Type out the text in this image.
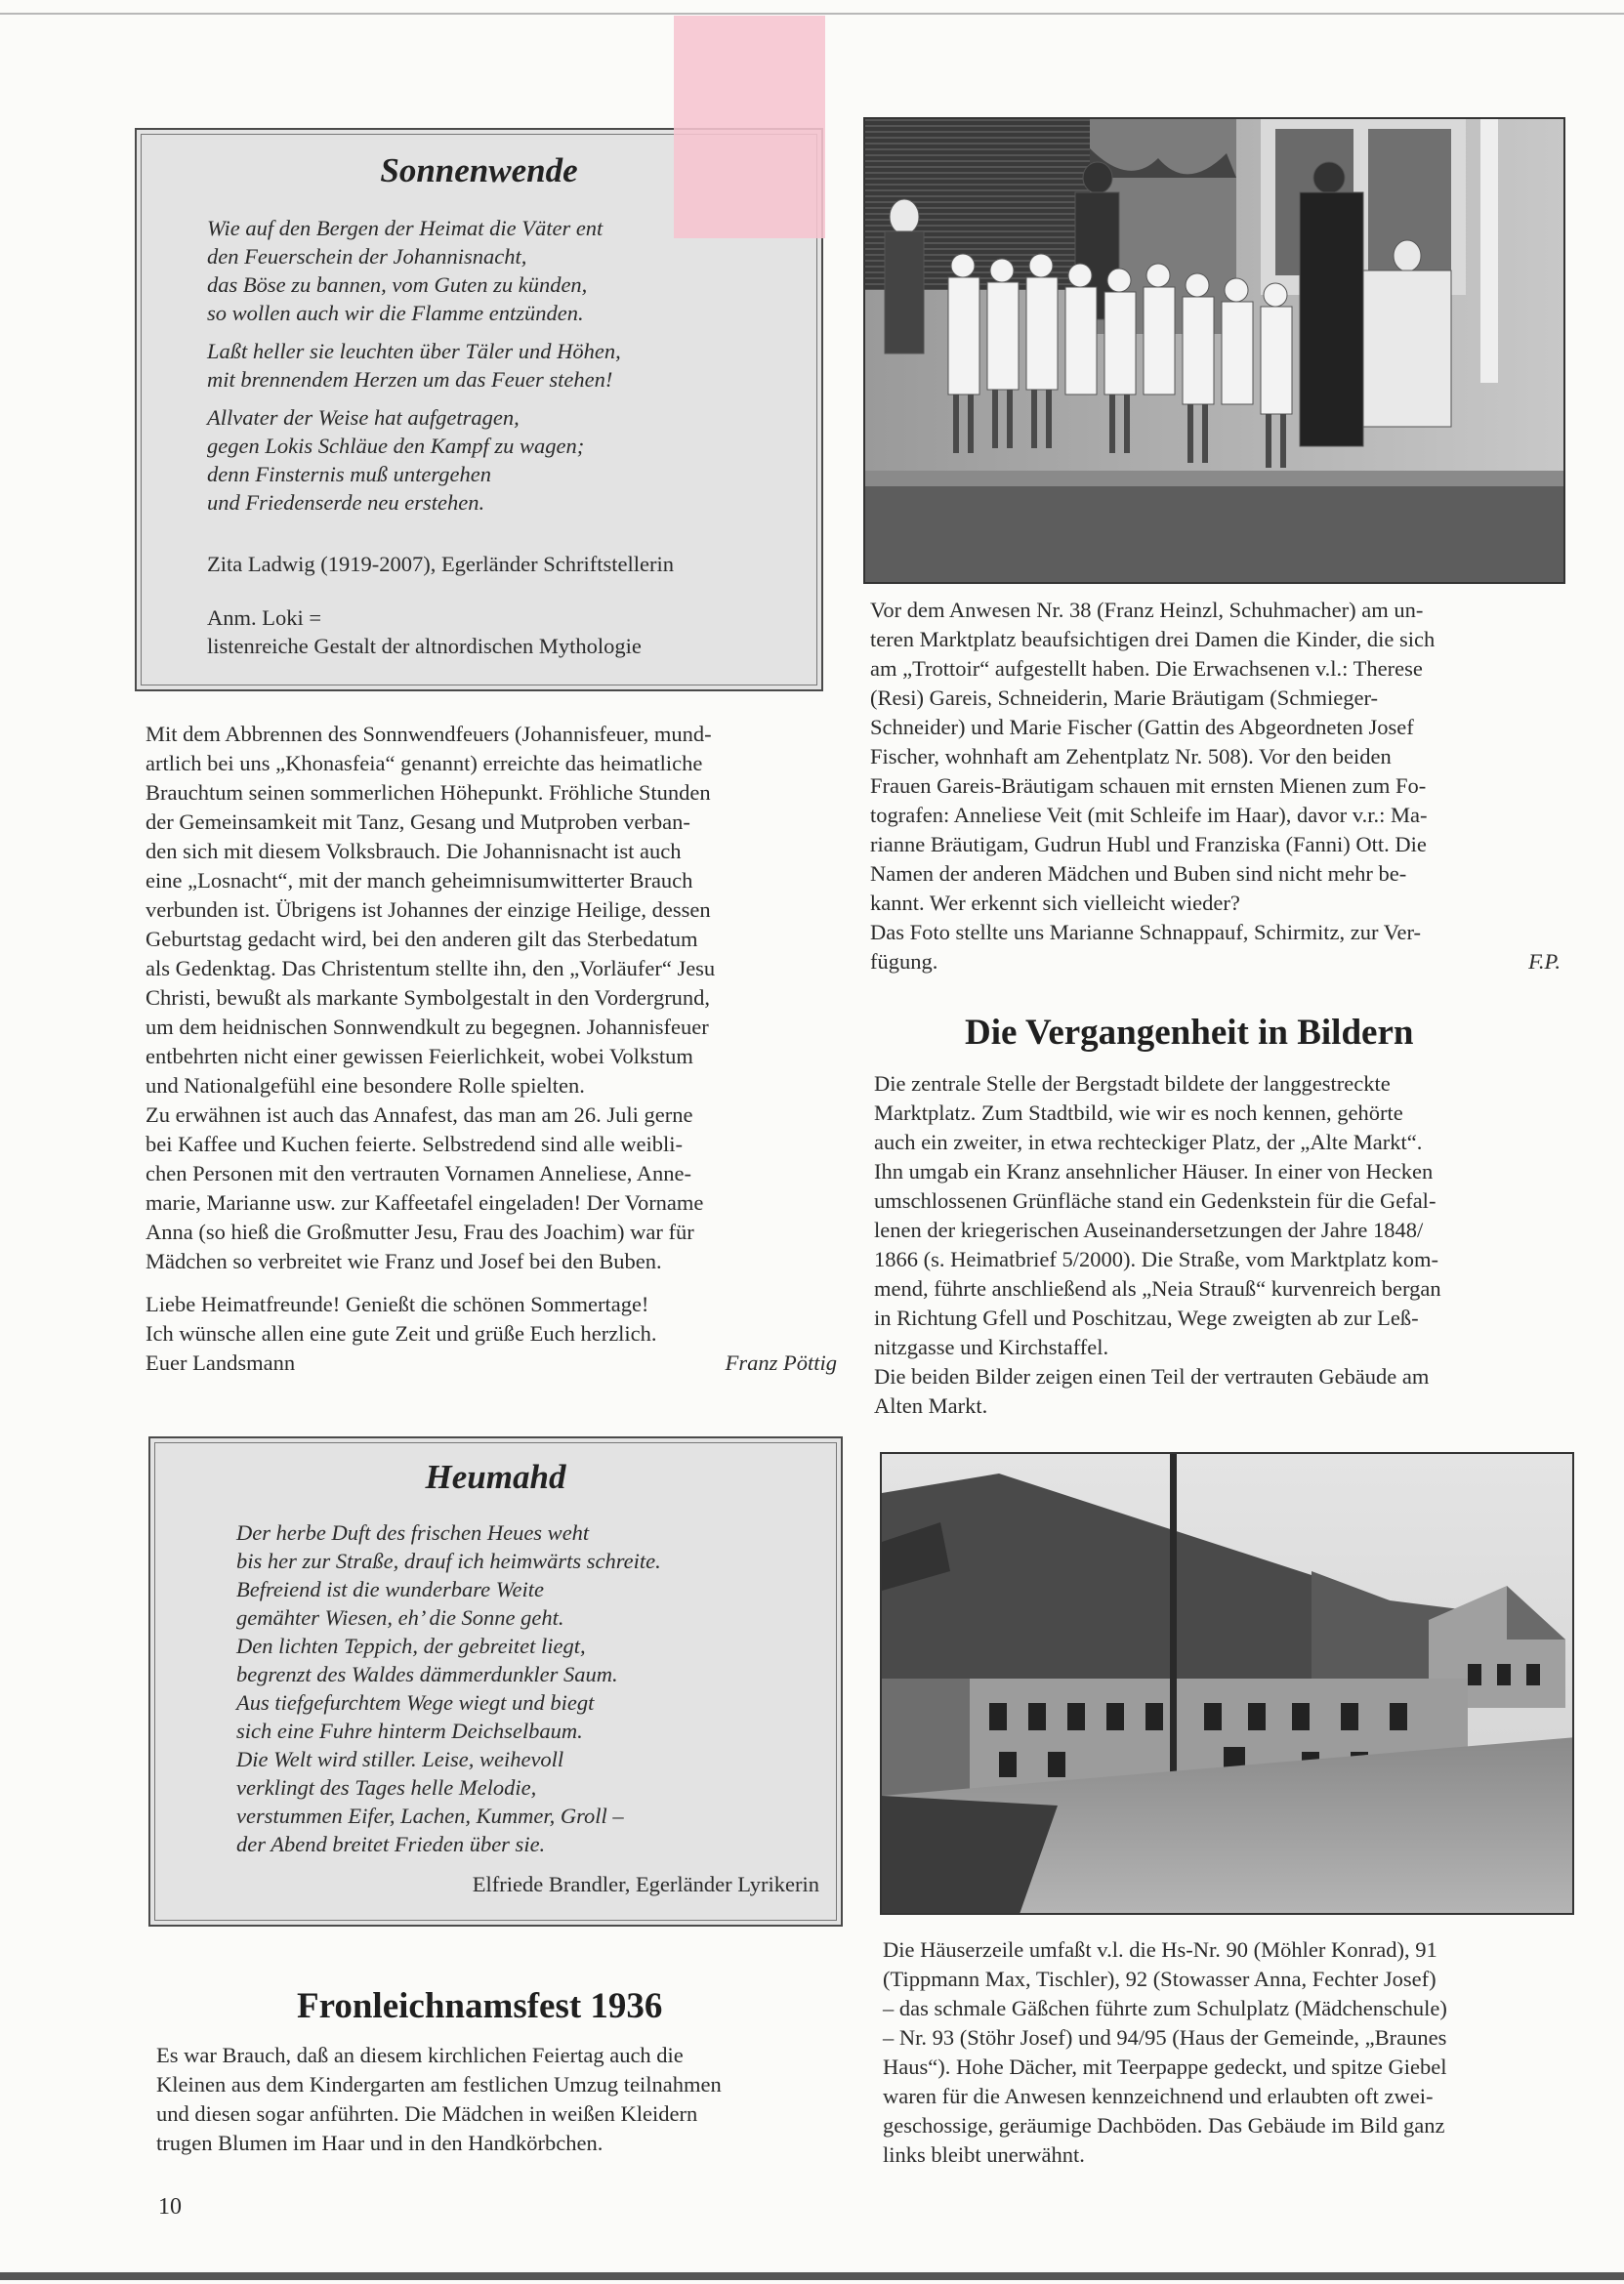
Sonnenwende
Wie auf den Bergen der Heimat die Väter ent
den Feuerschein der Johannisnacht,
das Böse zu bannen, vom Guten zu künden,
so wollen auch wir die Flamme entzünden.
Laßt heller sie leuchten über Täler und Höhen,
mit brennendem Herzen um das Feuer stehen!
Allvater der Weise hat aufgetragen,
gegen Lokis Schläue den Kampf zu wagen;
denn Finsternis muß untergehen
und Friedenserde neu erstehen.
Zita Ladwig (1919-2007), Egerländer Schriftstellerin
Anm. Loki =
listenreiche Gestalt der altnordischen Mythologie

Mit dem Abbrennen des Sonnwendfeuers (Johannisfeuer, mund-

artlich bei uns „Khonasfeia“ genannt) erreichte das heimatliche

Brauchtum seinen sommerlichen Höhepunkt. Fröhliche Stunden

der Gemeinsamkeit mit Tanz, Gesang und Mutproben verban-

den sich mit diesem Volksbrauch. Die Johannisnacht ist auch

eine „Losnacht“, mit der manch geheimnisumwitterter Brauch

verbunden ist. Übrigens ist Johannes der einzige Heilige, dessen

Geburtstag gedacht wird, bei den anderen gilt das Sterbedatum

als Gedenktag. Das Christentum stellte ihn, den „Vorläufer“ Jesu

Christi, bewußt als markante Symbolgestalt in den Vordergrund,

um dem heidnischen Sonnwendkult zu begegnen. Johannisfeuer

entbehrten nicht einer gewissen Feierlichkeit, wobei Volkstum

und Nationalgefühl eine besondere Rolle spielten.

Zu erwähnen ist auch das Annafest, das man am 26. Juli gerne

bei Kaffee und Kuchen feierte. Selbstredend sind alle weibli-

chen Personen mit den vertrauten Vornamen Anneliese, Anne-

marie, Marianne usw. zur Kaffeetafel eingeladen! Der Vorname

Anna (so hieß die Großmutter Jesu, Frau des Joachim) war für

Mädchen so verbreitet wie Franz und Josef bei den Buben.

Liebe Heimatfreunde! Genießt die schönen Sommertage!

Ich wünsche allen eine gute Zeit und grüße Euch herzlich.

Euer Landsmann	Franz Pöttig
Heumahd
Der herbe Duft des frischen Heues weht
bis her zur Straße, drauf ich heimwärts schreite.
Befreiend ist die wunderbare Weite
gemähter Wiesen, eh’ die Sonne geht.
Den lichten Teppich, der gebreitet liegt,
begrenzt des Waldes dämmerdunkler Saum.
Aus tiefgefurchtem Wege wiegt und biegt
sich eine Fuhre hinterm Deichselbaum.
Die Welt wird stiller. Leise, weihevoll
verklingt des Tages helle Melodie,
verstummen Eifer, Lachen, Kummer, Groll –
der Abend breitet Frieden über sie.
Elfriede Brandler, Egerländer Lyrikerin
Fronleichnamsfest 1936

Es war Brauch, daß an diesem kirchlichen Feiertag auch die

Kleinen aus dem Kindergarten am festlichen Umzug teilnahmen

und diesen sogar anführten. Die Mädchen in weißen Kleidern

trugen Blumen im Haar und in den Handkörbchen.

10

Vor dem Anwesen Nr. 38 (Franz Heinzl, Schuhmacher) am un-

teren Marktplatz beaufsichtigen drei Damen die Kinder, die sich

am „Trottoir“ aufgestellt haben. Die Erwachsenen v.l.: Therese

(Resi) Gareis, Schneiderin, Marie Bräutigam (Schmieger-

Schneider) und Marie Fischer (Gattin des Abgeordneten Josef

Fischer, wohnhaft am Zehentplatz Nr. 508). Vor den beiden

Frauen Gareis-Bräutigam schauen mit ernsten Mienen zum Fo-

tografen: Anneliese Veit (mit Schleife im Haar), davor v.r.: Ma-

rianne Bräutigam, Gudrun Hubl und Franziska (Fanni) Ott. Die

Namen der anderen Mädchen und Buben sind nicht mehr be-

kannt. Wer erkennt sich vielleicht wieder?

Das Foto stellte uns Marianne Schnappauf, Schirmitz, zur Ver-

fügung.	F.P.
Die Vergangenheit in Bildern

Die zentrale Stelle der Bergstadt bildete der langgestreckte

Marktplatz. Zum Stadtbild, wie wir es noch kennen, gehörte

auch ein zweiter, in etwa rechteckiger Platz, der „Alte Markt“.

Ihn umgab ein Kranz ansehnlicher Häuser. In einer von Hecken

umschlossenen Grünfläche stand ein Gedenkstein für die Gefal-

lenen der kriegerischen Auseinandersetzungen der Jahre 1848/

1866 (s. Heimatbrief 5/2000). Die Straße, vom Marktplatz kom-

mend, führte anschließend als „Neia Strauß“ kurvenreich bergan

in Richtung Gfell und Poschitzau, Wege zweigten ab zur Leß-

nitzgasse und Kirchstaffel.

Die beiden Bilder zeigen einen Teil der vertrauten Gebäude am

Alten Markt.

Die Häuserzeile umfaßt v.l. die Hs-Nr. 90 (Möhler Konrad), 91

(Tippmann Max, Tischler), 92 (Stowasser Anna, Fechter Josef)

– das schmale Gäßchen führte zum Schulplatz (Mädchenschule)

– Nr. 93 (Stöhr Josef) und 94/95 (Haus der Gemeinde, „Braunes

Haus“). Hohe Dächer, mit Teerpappe gedeckt, und spitze Giebel

waren für die Anwesen kennzeichnend und erlaubten oft zwei-

geschossige, geräumige Dachböden. Das Gebäude im Bild ganz

links bleibt unerwähnt.
